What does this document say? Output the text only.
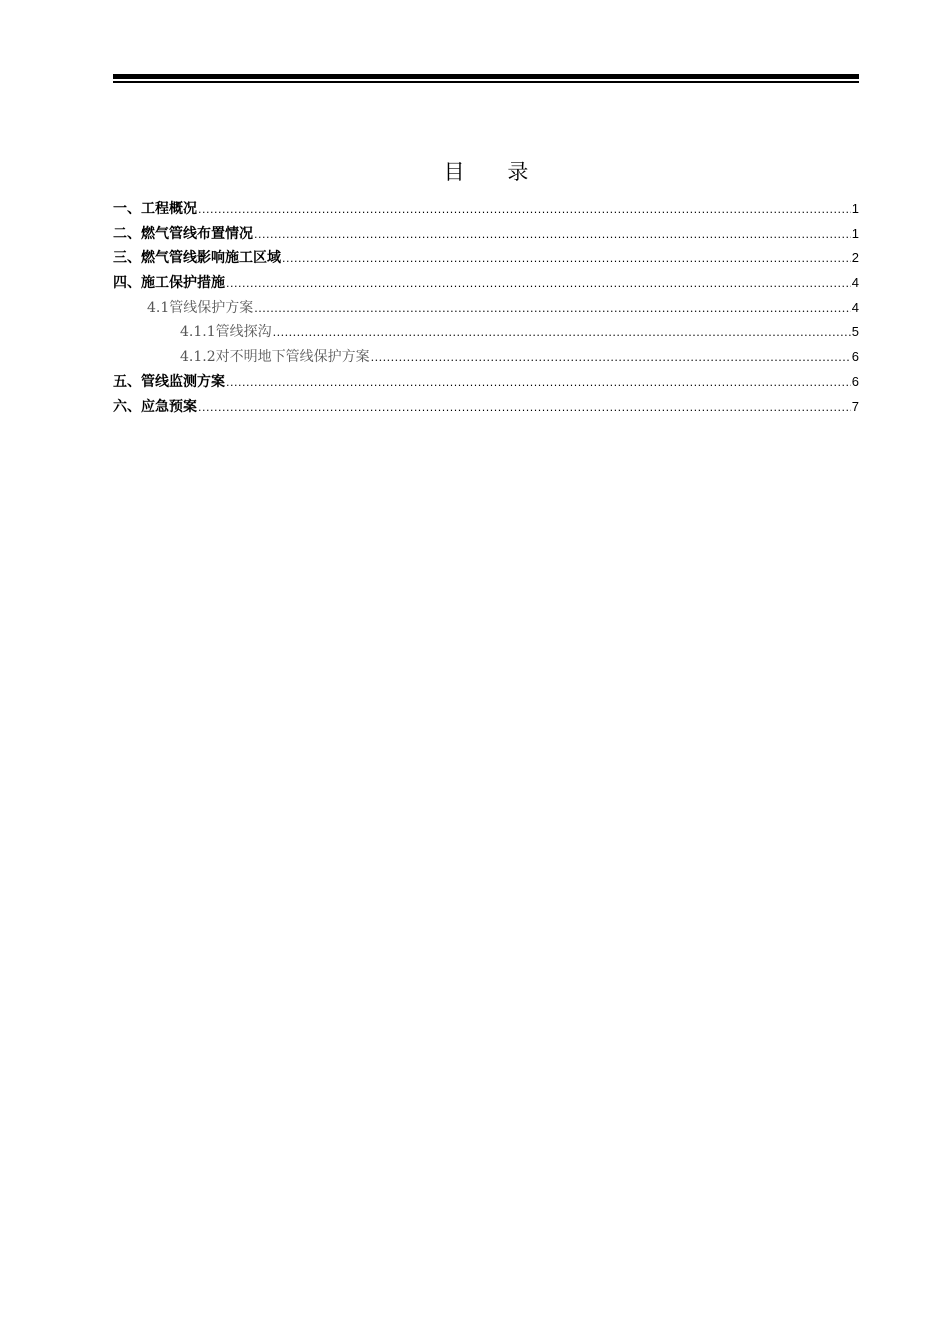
目 录
一、工程概况 .....	1
二、燃气管线布置情况 .....	1
三、燃气管线影响施工区域 .....	2
四、施工保护措施 .....	4
4.1管线保护方案 .....	4
4.1.1管线探沟 .....	5
4.1.2对不明地下管线保护方案 .....	6
五、管线监测方案 .....	6
六、应急预案 .....	7
